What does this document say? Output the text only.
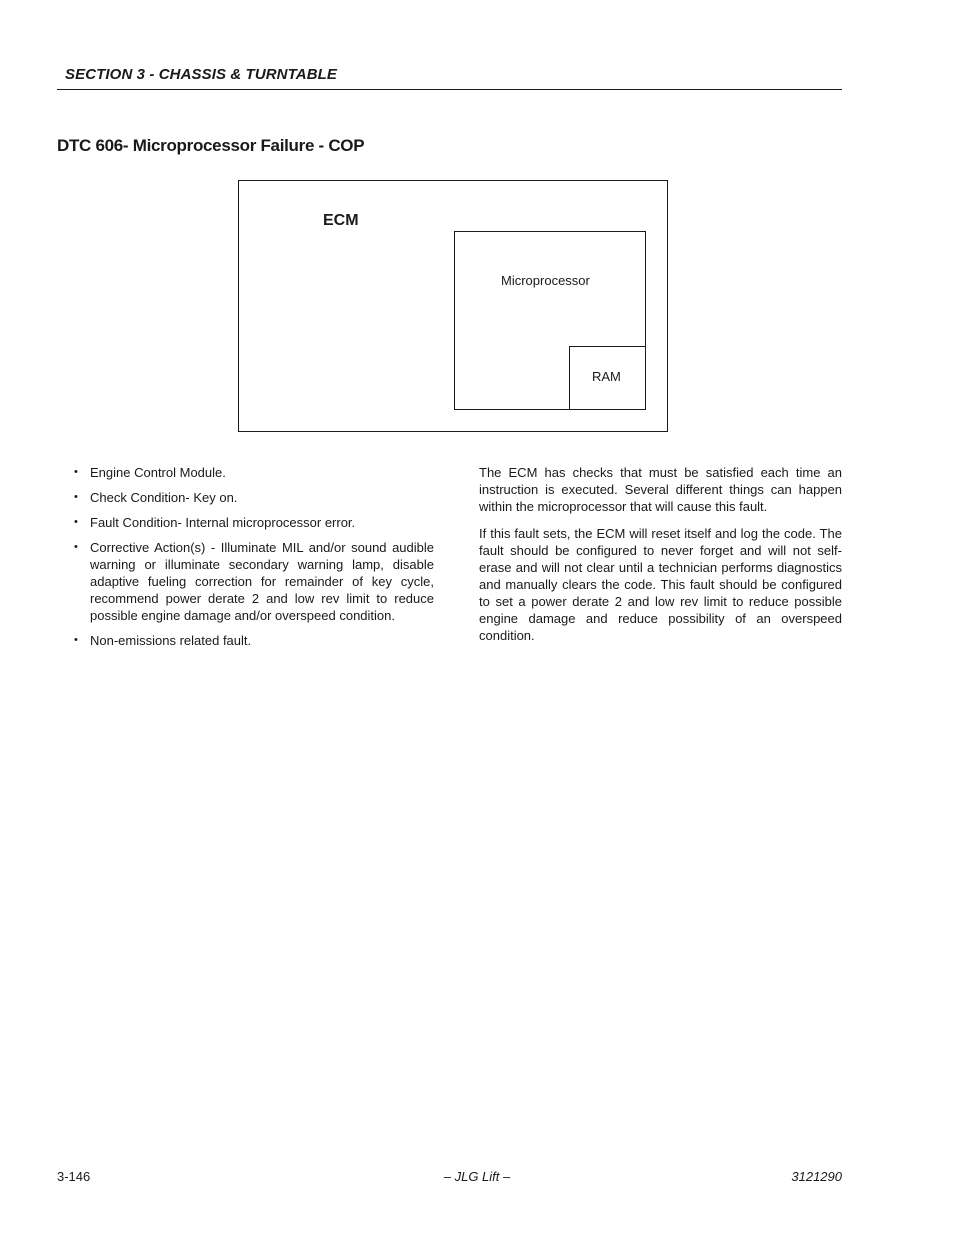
SECTION 3 - CHASSIS & TURNTABLE
DTC 606- Microprocessor Failure - COP
ECM
Microprocessor
RAM
• Engine Control Module.
• Check Condition- Key on.
• Fault Condition- Internal microprocessor error.
• Corrective Action(s) - Illuminate MIL and/or sound audible warning or illuminate secondary warning lamp, disable adaptive fueling correction for remainder of key cycle, recommend power derate 2 and low rev limit to reduce possible engine damage and/or overspeed condition.
• Non-emissions related fault.

The ECM has checks that must be satisfied each time an instruction is executed. Several different things can happen within the microprocessor that will cause this fault.

If this fault sets, the ECM will reset itself and log the code. The fault should be configured to never forget and will not self-erase and will not clear until a technician performs diagnostics and manually clears the code. This fault should be configured to set a power derate 2 and low rev limit to reduce possible engine damage and reduce possibility of an overspeed condition.

3-146	– JLG Lift –	3121290
